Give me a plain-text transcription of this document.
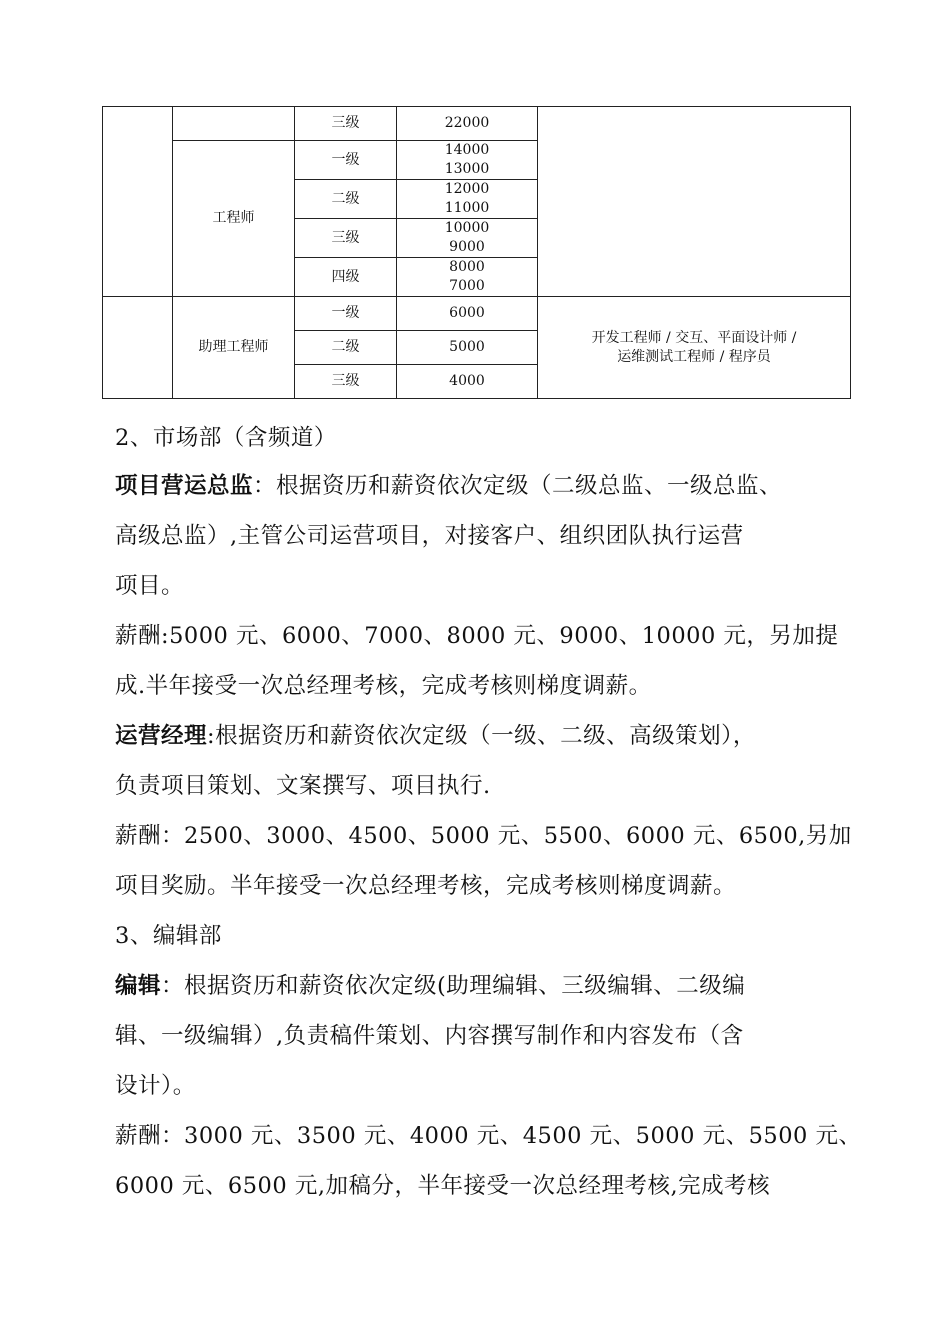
		三级	22000	
	工程师	一级	14000
13000	

		二级	12000
11000	

		三级	10000
9000	

		四级	8000
7000	

	助理工程师	一级	6000	开发工程师 / 交互、平面设计师 /
运维测试工程师 / 程序员

		二级	5000	
		三级	4000	
2、市场部（含频道）
项目营运总监：根据资历和薪资依次定级（二级总监、一级总监、
高级总监）,主管公司运营项目，对接客户、组织团队执行运营
项目。
薪酬:5000 元、6000、7000、8000 元、9000、10000 元，另加提
成.半年接受一次总经理考核，完成考核则梯度调薪。
运营经理:根据资历和薪资依次定级（一级、二级、高级策划），
负责项目策划、文案撰写、项目执行.
薪酬：2500、3000、4500、5000 元、5500、6000 元、6500,另加
项目奖励。半年接受一次总经理考核，完成考核则梯度调薪。
3、编辑部
编辑：根据资历和薪资依次定级(助理编辑、三级编辑、二级编
辑、一级编辑）,负责稿件策划、内容撰写制作和内容发布（含
设计）。
薪酬：3000 元、3500 元、4000 元、4500 元、5000 元、5500 元、
6000 元、6500 元,加稿分，半年接受一次总经理考核,完成考核
